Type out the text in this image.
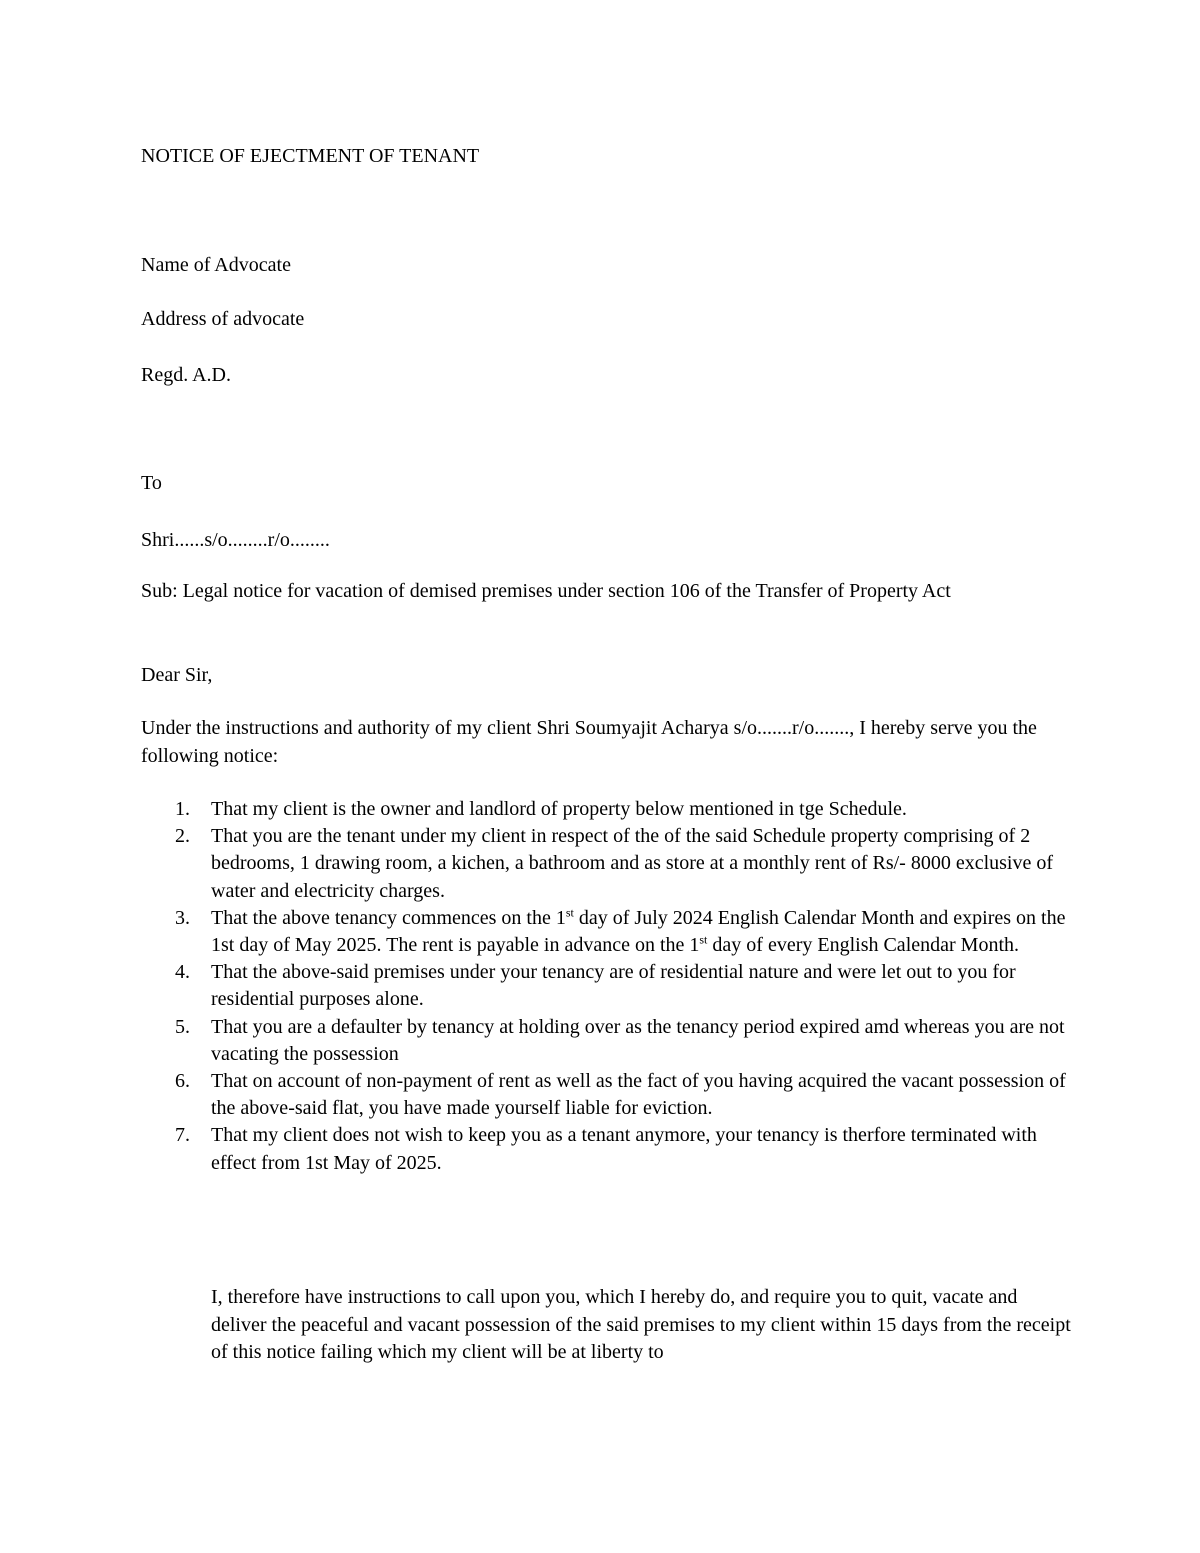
NOTICE OF EJECTMENT OF TENANT
Name of Advocate
Address of advocate
Regd. A.D.
To
Shri......s/o........r/o........
Sub: Legal notice for vacation of demised premises under section 106 of the Transfer of Property Act
Dear Sir,
Under the instructions and authority of my client Shri Soumyajit Acharya s/o.......r/o......., I hereby serve you the following notice:
1. That my client is the owner and landlord of property below mentioned in tge Schedule.
2. That you are the tenant under my client in respect of the of the said Schedule property comprising of 2 bedrooms, 1 drawing room, a kichen, a bathroom and as store at a monthly rent of Rs/- 8000 exclusive of water and electricity charges.
3. That the above tenancy commences on the 1st day of July 2024 English Calendar Month and expires on the 1st day of May 2025. The rent is payable in advance on the 1st day of every English Calendar Month.
4. That the above-said premises under your tenancy are of residential nature and were let out to you for residential purposes alone.
5. That you are a defaulter by tenancy at holding over as the tenancy period expired amd whereas you are not vacating the possession
6. That on account of non-payment of rent as well as the fact of you having acquired the vacant possession of the above-said flat, you have made yourself liable for eviction.
7. That my client does not wish to keep you as a tenant anymore, your tenancy is therfore terminated with effect from 1st May of 2025.
I, therefore have instructions to call upon you, which I hereby do, and require you to quit, vacate and deliver the peaceful and vacant possession of the said premises to my client within 15 days from the receipt of this notice failing which my client will be at liberty to
